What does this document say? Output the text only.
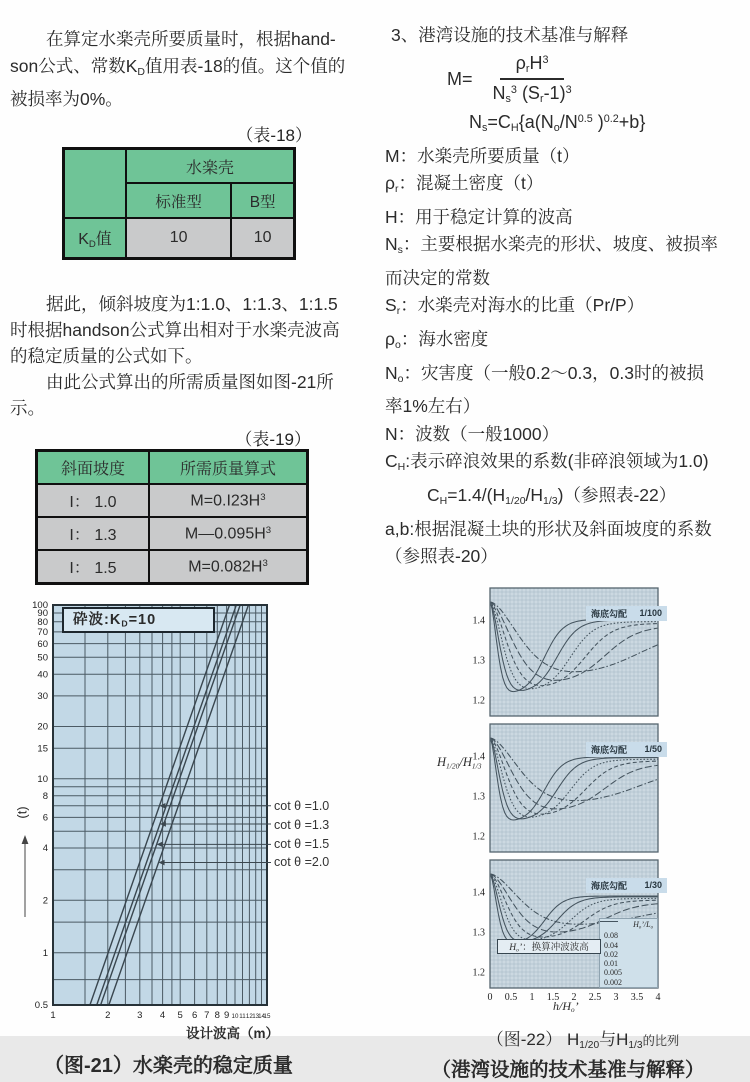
在算定水楽壳所要质量时，根据hand-
son公式、常数$K_D$值用表-18的值。这个值的
被损率为0%。
（表-18）
	水楽壳	
	标准型	B型
$K_D$值	10	10
据此，倾斜坡度为1:1.0、1:1.3、1:1.5
时根据handson公式算出相对于水楽壳波高
的稳定质量的公式如下。
由此公式算出的所需质量图如图-21所
示。
（表-19）
斜面坡度	所需质量算式
I： 1.0	$M=0.I23H^3$
I： 1.3	$M—0.095H^3$
I： 1.5	$M=0.082H^3$
1	2	3 4 5 6 7 8 9 10 11 12 13
14
15
0.5
1
2
4
6
8
10
15
20
30
40
50
60
70
80
90
100
砕波$:K_D=10$
(t)	cot θ =1.0
cot θ =1.3
cot θ =1.5
cot θ =2.0
设计波高（m）
（图-21）水楽壳的稳定质量
3、港湾设施的技术基准与解释
$M= \frac{\rho_rH^3}{N_s^3 (S_r-1)^3}$
$N_s=C_H\{a(N_o/N^{0.5}$ )$^{0.2}$+b}
M：水楽壳所要质量（t）
$\rho_r$：混凝土密度（t）
H：用于稳定计算的波高
$N_s$：主要根据水楽壳的形状、坡度、被损率
而决定的常数
$S_r$：水楽壳对海水的比重（Pr/P）
$\rho_o$：海水密度
$N_o$：灾害度（一般0.2～0.3，0.3时的被损
率1%左右）
N：波数（一般1000）
$C_H$:表示碎浪效果的系数(非碎浪领域为1.0)
$C_H=1.4/(H_{1/20}/H_{1/3})$（参照表-22）
a,b:根据混凝土块的形状及斜面坡度的系数
（参照表-20）
1.4
1.3
1.2
1.4
1.3
1.2
1.4
1.3
1.2
0 0.5 1 1.5 2 2.5 3 3.5 4
海底勾配 1/100
海底勾配 1/50
海底勾配 1/30
$H_{1/20}/H_{1/3}$
$H_o’/L_o$
0.08
0.04
0.02
0.01
0.005
0.002
$H_o$’：换算冲波波高
$h/H_o$’
（图-22） $H_{1/20}$与$H_{1/3}$的比列
（港湾设施的技术基准与解释）
